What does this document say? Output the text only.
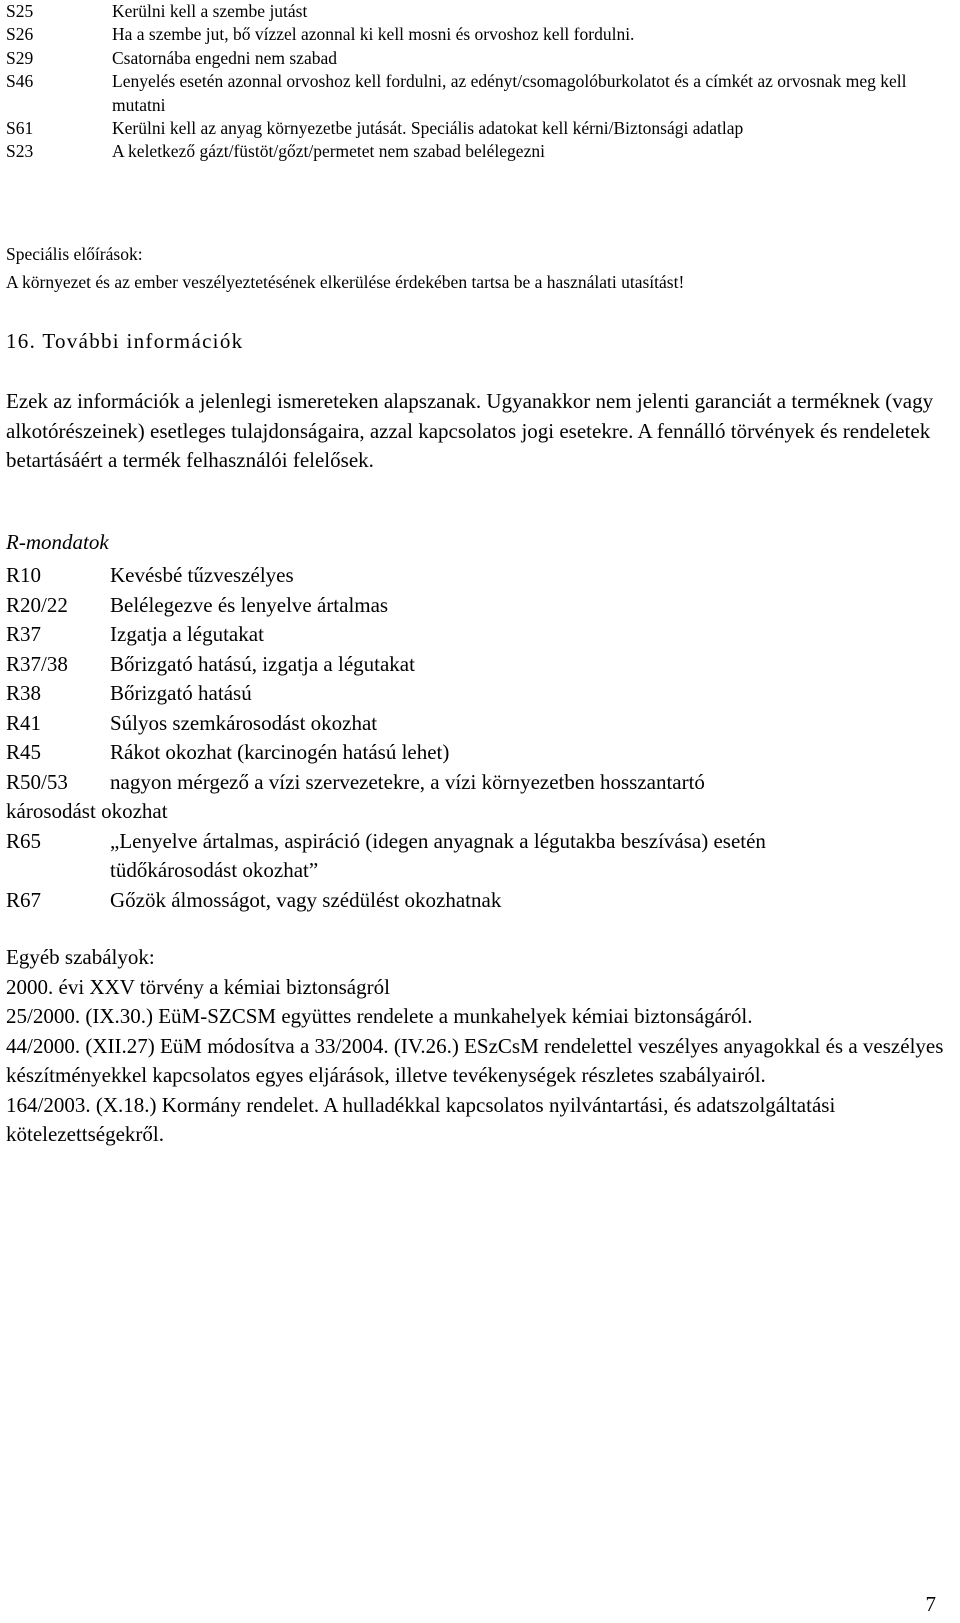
S25	Kerülni kell a szembe jutást
S26	Ha a szembe jut, bő vízzel azonnal ki kell mosni és orvoshoz kell fordulni.
S29	Csatornába engedni nem szabad
S46	Lenyelés esetén azonnal orvoshoz kell fordulni, az edényt/csomagolóburkolatot és a címkét az orvosnak meg kell mutatni
S61	Kerülni kell az anyag környezetbe jutását. Speciális adatokat kell kérni/Biztonsági adatlap
S23	A keletkező gázt/füstöt/gőzt/permetet nem szabad belélegezni
Speciális előírások:
A környezet és az ember veszélyeztetésének elkerülése érdekében tartsa be a használati utasítást!
16. További információk
Ezek az információk a jelenlegi ismereteken alapszanak. Ugyanakkor nem jelenti garanciát a terméknek (vagy alkotórészeinek) esetleges tulajdonságaira, azzal kapcsolatos jogi esetekre. A fennálló törvények és rendeletek betartásáért a termék felhasználói felelősek.
R-mondatok
R10	Kevésbé tűzveszélyes
R20/22	Belélegezve és lenyelve ártalmas
R37	Izgatja a légutakat
R37/38	Bőrizgató hatású, izgatja a légutakat
R38	Bőrizgató hatású
R41	Súlyos szemkárosodást okozhat
R45	Rákot okozhat (karcinogén hatású lehet)
R50/53	nagyon mérgező a vízi szervezetekre, a vízi környezetben hosszantartó
károsodást okozhat
R65	„Lenyelve ártalmas, aspiráció (idegen anyagnak a légutakba beszívása) esetén
tüdőkárosodást okozhat”
R67	Gőzök álmosságot, vagy szédülést okozhatnak
Egyéb szabályok:
2000. évi XXV törvény a kémiai biztonságról
25/2000. (IX.30.) EüM-SZCSM együttes rendelete a munkahelyek kémiai biztonságáról.
44/2000. (XII.27) EüM módosítva a 33/2004. (IV.26.) ESzCsM rendelettel veszélyes anyagokkal és a veszélyes készítményekkel kapcsolatos egyes eljárások, illetve tevékenységek részletes szabályairól.
164/2003. (X.18.) Kormány rendelet. A hulladékkal kapcsolatos nyilvántartási, és adatszolgáltatási kötelezettségekről.
7
